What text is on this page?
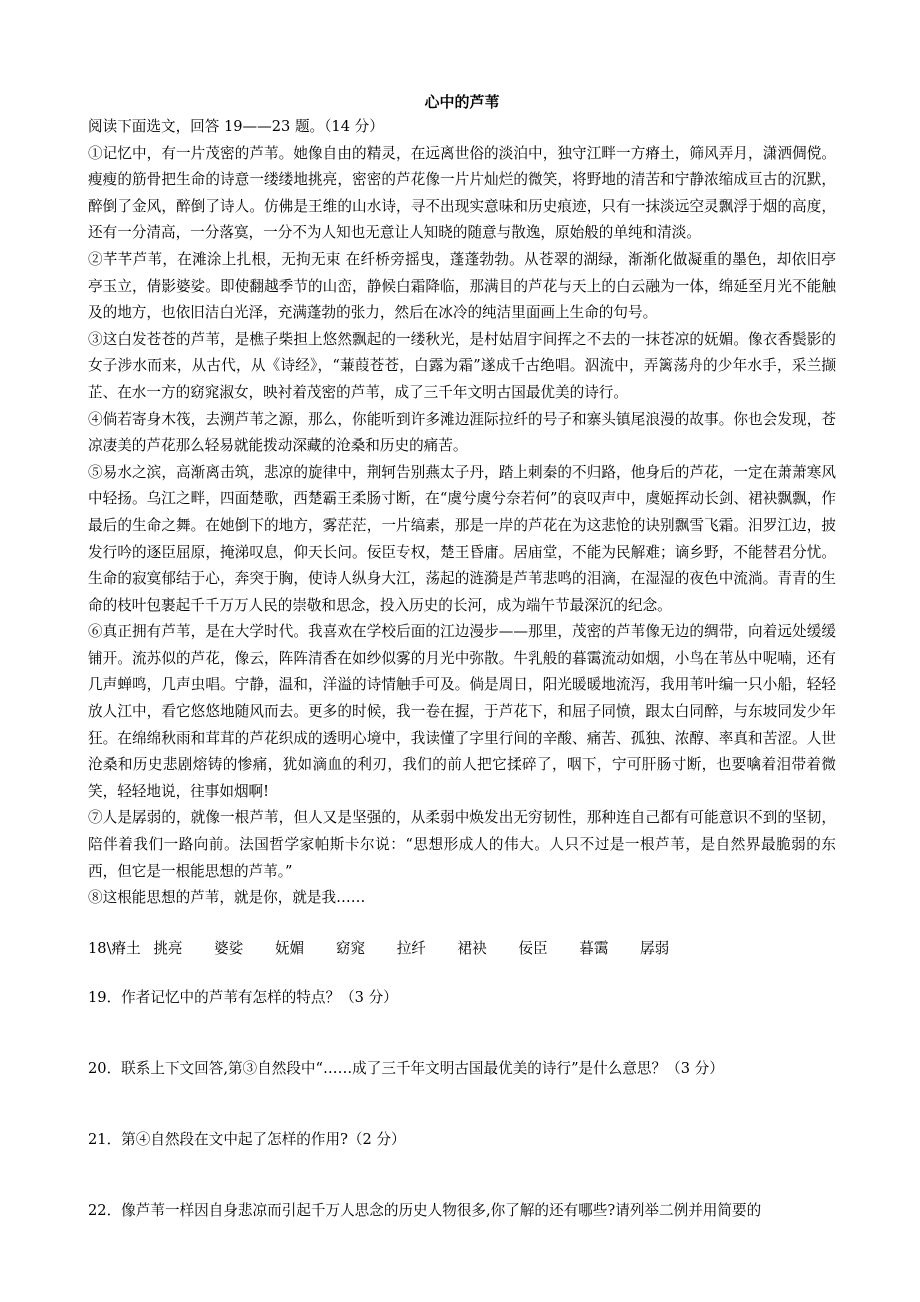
心中的芦苇

阅读下面选文，回答 19——23 题。（14 分）

①记忆中，有一片茂密的芦苇。她像自由的精灵，在远离世俗的淡泊中，独守江畔一方瘠土，筛风弄月，潇洒倜傥。瘦瘦的筋骨把生命的诗意一缕缕地挑亮，密密的芦花像一片片灿烂的微笑，将野地的清苦和宁静浓缩成亘古的沉默，醉倒了金风，醉倒了诗人。仿佛是王维的山水诗，寻不出现实意味和历史痕迹，只有一抹淡远空灵飘浮于烟的高度，还有一分清高，一分落寞，一分不为人知也无意让人知晓的随意与散逸，原始般的单纯和清淡。

②芊芊芦苇，在滩涂上扎根，无拘无束 在纤桥旁摇曳，蓬蓬勃勃。从苍翠的湖绿，渐渐化做凝重的墨色，却依旧亭亭玉立，倩影婆娑。即使翻越季节的山峦，静候白霜降临，那满目的芦花与天上的白云融为一体，绵延至月光不能触及的地方，也依旧洁白光泽，充满蓬勃的张力，然后在冰冷的纯洁里面画上生命的句号。

③这白发苍苍的芦苇，是樵子柴担上悠然飘起的一缕秋光，是村姑眉宇间挥之不去的一抹苍凉的妩媚。像衣香鬓影的女子涉水而来，从古代，从《诗经》，“蒹葭苍苍，白露为霜”遂成千古绝唱。泅流中，弄篱荡舟的少年水手，采兰撷芷、在水一方的窈窕淑女，映衬着茂密的芦苇，成了三千年文明古国最优美的诗行。

④倘若寄身木筏，去溯芦苇之源，那么，你能听到许多滩边涯际拉纤的号子和寨头镇尾浪漫的故事。你也会发现，苍凉凄美的芦花那么轻易就能拨动深藏的沧桑和历史的痛苦。

⑤易水之滨，高渐离击筑，悲凉的旋律中，荆轲告别燕太子丹，踏上刺秦的不归路，他身后的芦花，一定在萧萧寒风中轻扬。乌江之畔，四面楚歌，西楚霸王柔肠寸断，在“虞兮虞兮奈若何”的哀叹声中，虞姬挥动长剑、裙袂飘飘，作最后的生命之舞。在她倒下的地方，雾茫茫，一片缟素，那是一岸的芦花在为这悲怆的诀别飘雪飞霜。汨罗江边，披发行吟的逐臣屈原，掩涕叹息，仰天长问。佞臣专权，楚王昏庸。居庙堂，不能为民解难；谪乡野，不能替君分忧。生命的寂寞郁结于心，奔突于胸，使诗人纵身大江，荡起的涟漪是芦苇悲鸣的泪滴，在湿湿的夜色中流淌。青青的生命的枝叶包裹起千千万万人民的崇敬和思念，投入历史的长河，成为端午节最深沉的纪念。

⑥真正拥有芦苇，是在大学时代。我喜欢在学校后面的江边漫步——那里，茂密的芦苇像无边的绸带，向着远处缓缓铺开。流苏似的芦花，像云，阵阵清香在如纱似雾的月光中弥散。牛乳般的暮霭流动如烟，小鸟在苇丛中呢喃，还有几声蝉鸣，几声虫唱。宁静，温和，洋溢的诗情触手可及。倘是周日，阳光暖暖地流泻，我用苇叶编一只小船，轻轻放人江中，看它悠悠地随风而去。更多的时候，我一卷在握，于芦花下，和屈子同愤，跟太白同醉，与东坡同发少年狂。在绵绵秋雨和茸茸的芦花织成的透明心境中，我读懂了字里行间的辛酸、痛苦、孤独、浓醇、率真和苦涩。人世沧桑和历史悲剧熔铸的惨痛，犹如滴血的利刃，我们的前人把它揉碎了，咽下，宁可肝肠寸断，也要噙着泪带着微笑，轻轻地说，往事如烟啊!

⑦人是孱弱的，就像一根芦苇，但人又是坚强的，从柔弱中焕发出无穷韧性，那种连自己都有可能意识不到的坚韧，陪伴着我们一路向前。法国哲学家帕斯卡尔说：“思想形成人的伟大。人只不过是一根芦苇，是自然界最脆弱的东西，但它是一根能思想的芦苇。”

⑧这根能思想的芦苇，就是你，就是我……

18\瘠土 挑亮 婆娑 妩媚 窈窕 拉纤 裙袂 佞臣 暮霭 孱弱

19．作者记忆中的芦苇有怎样的特点？（3 分）

20．联系上下文回答,第③自然段中“……成了三千年文明古国最优美的诗行”是什么意思？（3 分）

21．第④自然段在文中起了怎样的作用?（2 分）

22．像芦苇一样因自身悲凉而引起千万人思念的历史人物很多,你了解的还有哪些?请列举二例并用简要的
